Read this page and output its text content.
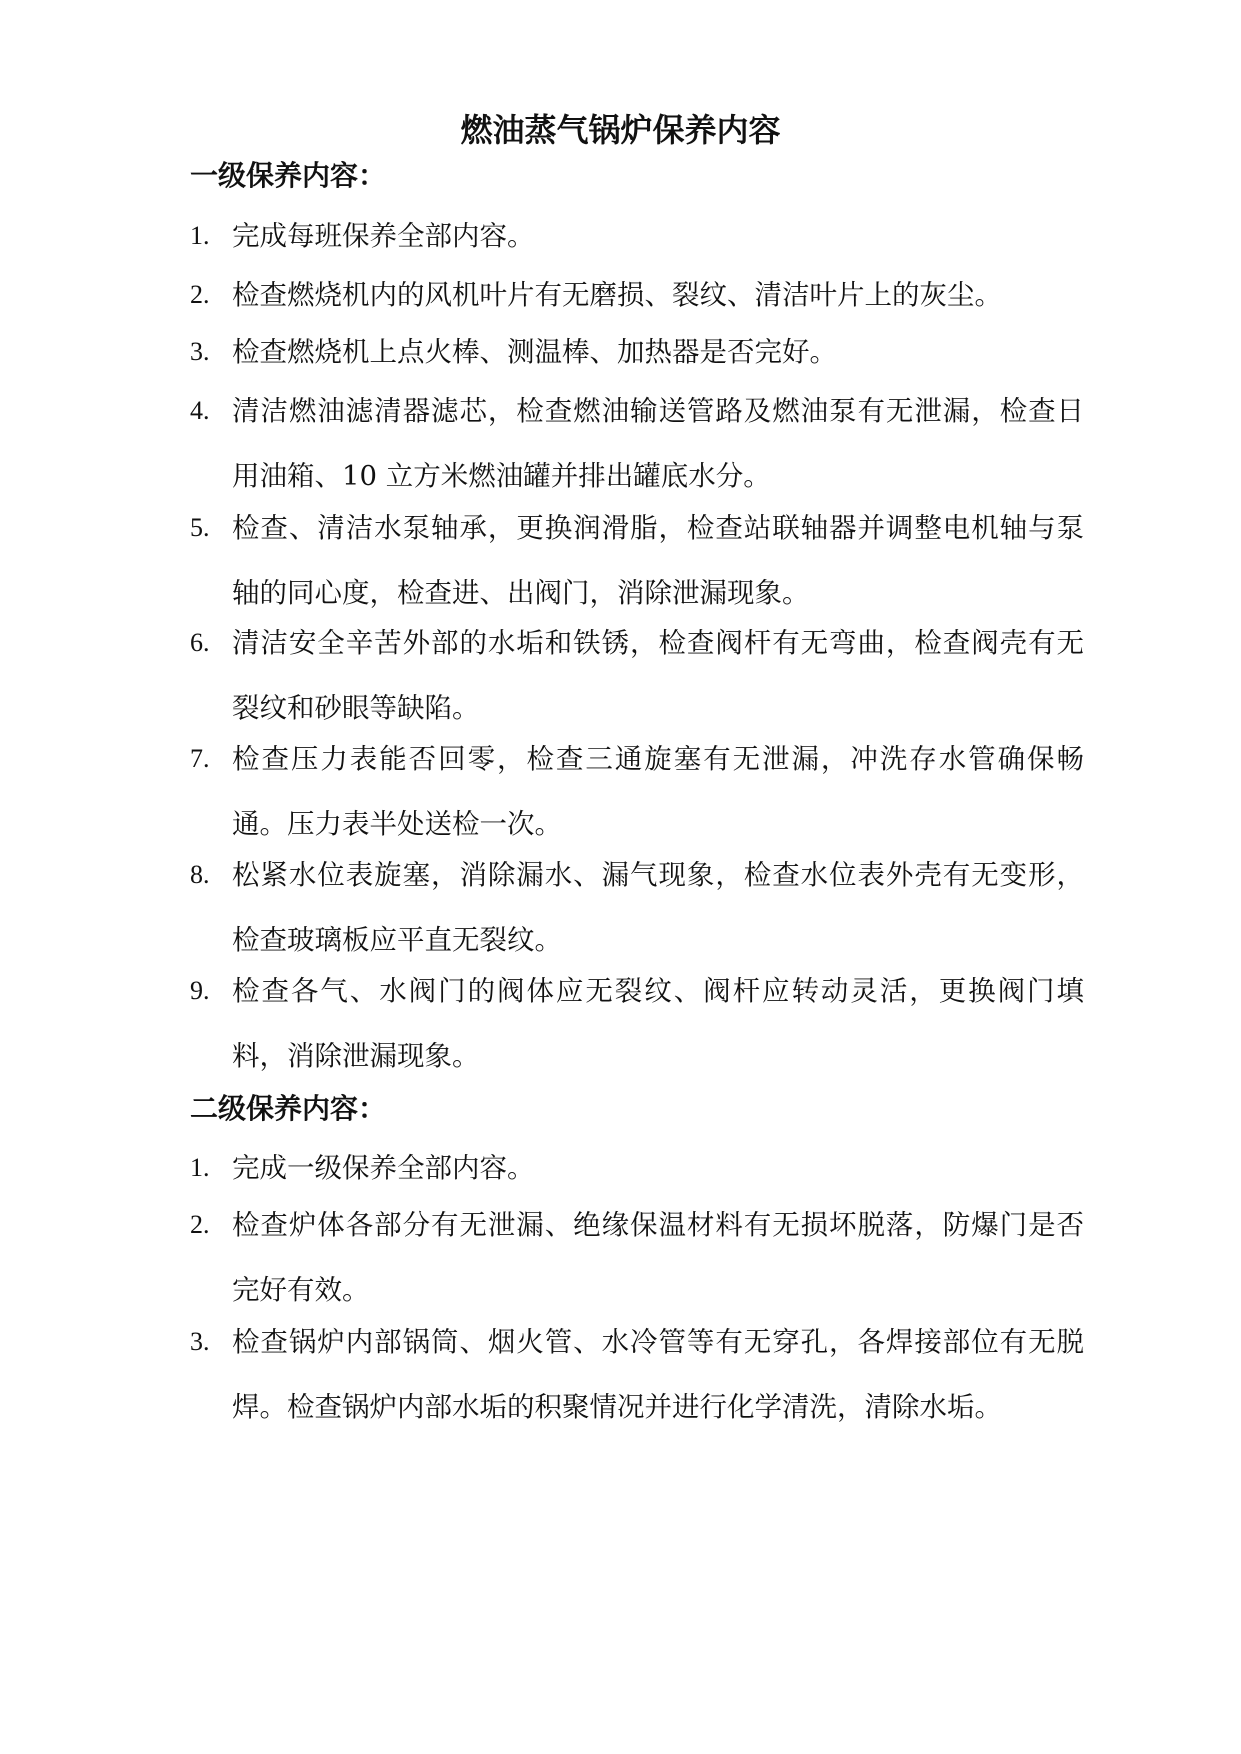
燃油蒸气锅炉保养内容
一级保养内容：
1. 完成每班保养全部内容。
2. 检查燃烧机内的风机叶片有无磨损、裂纹、清洁叶片上的灰尘。
3. 检查燃烧机上点火棒、测温棒、加热器是否完好。
4. 清洁燃油滤清器滤芯，检查燃油输送管路及燃油泵有无泄漏，检查日用油箱、10 立方米燃油罐并排出罐底水分。
5. 检查、清洁水泵轴承，更换润滑脂，检查站联轴器并调整电机轴与泵轴的同心度，检查进、出阀门，消除泄漏现象。
6. 清洁安全辛苦外部的水垢和铁锈，检查阀杆有无弯曲，检查阀壳有无裂纹和砂眼等缺陷。
7. 检查压力表能否回零，检查三通旋塞有无泄漏，冲洗存水管确保畅通。压力表半处送检一次。
8. 松紧水位表旋塞，消除漏水、漏气现象，检查水位表外壳有无变形，检查玻璃板应平直无裂纹。
9. 检查各气、水阀门的阀体应无裂纹、阀杆应转动灵活，更换阀门填料，消除泄漏现象。
二级保养内容：
1. 完成一级保养全部内容。
2. 检查炉体各部分有无泄漏、绝缘保温材料有无损坏脱落，防爆门是否完好有效。
3. 检查锅炉内部锅筒、烟火管、水冷管等有无穿孔，各焊接部位有无脱焊。检查锅炉内部水垢的积聚情况并进行化学清洗，清除水垢。
